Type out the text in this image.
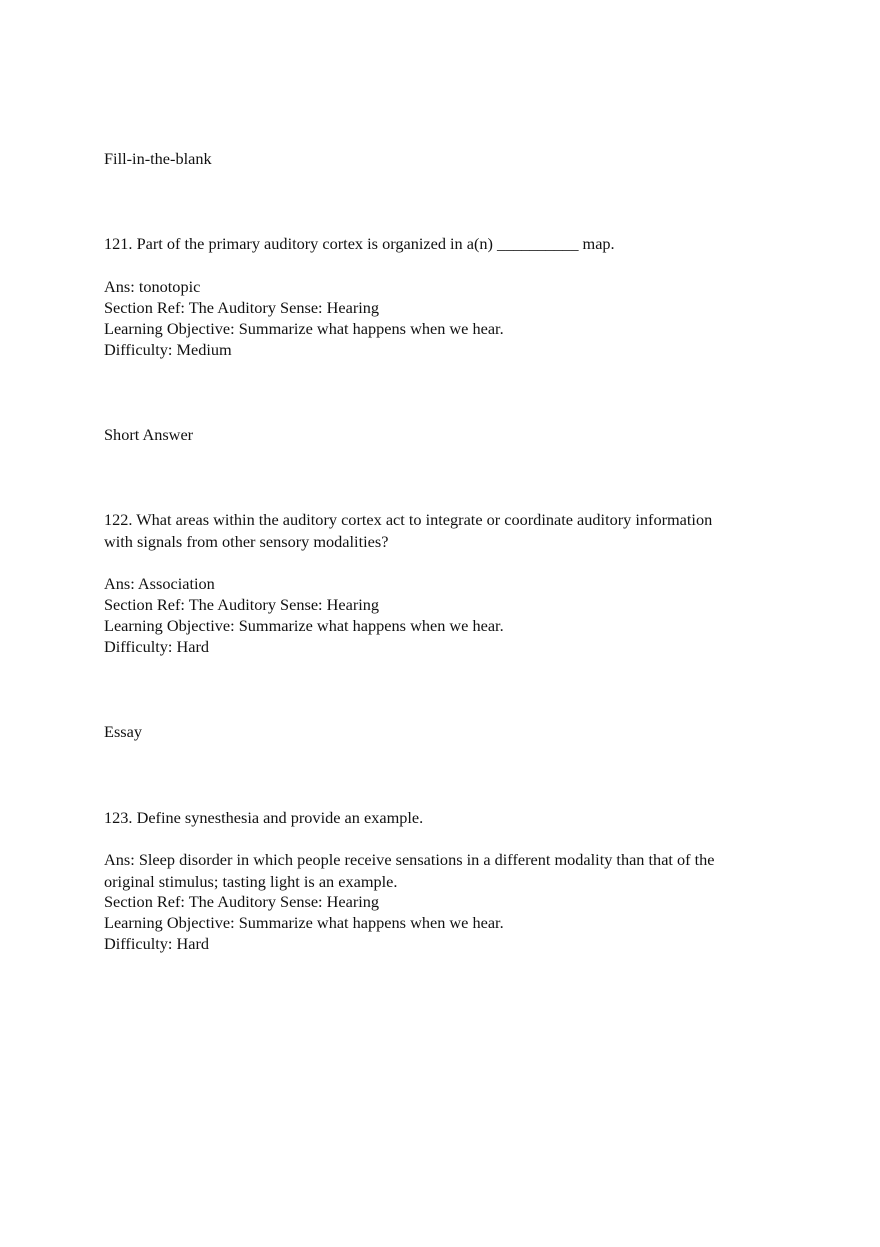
Fill-in-the-blank

121. Part of the primary auditory cortex is organized in a(n) __________ map.

Ans: tonotopic

Section Ref: The Auditory Sense: Hearing

Learning Objective: Summarize what happens when we hear.

Difficulty: Medium

Short Answer

122. What areas within the auditory cortex act to integrate or coordinate auditory information

with signals from other sensory modalities?

Ans: Association

Section Ref: The Auditory Sense: Hearing

Learning Objective: Summarize what happens when we hear.

Difficulty: Hard

Essay

123. Define synesthesia and provide an example.

Ans: Sleep disorder in which people receive sensations in a different modality than that of the

original stimulus; tasting light is an example.

Section Ref: The Auditory Sense: Hearing

Learning Objective: Summarize what happens when we hear.

Difficulty: Hard
